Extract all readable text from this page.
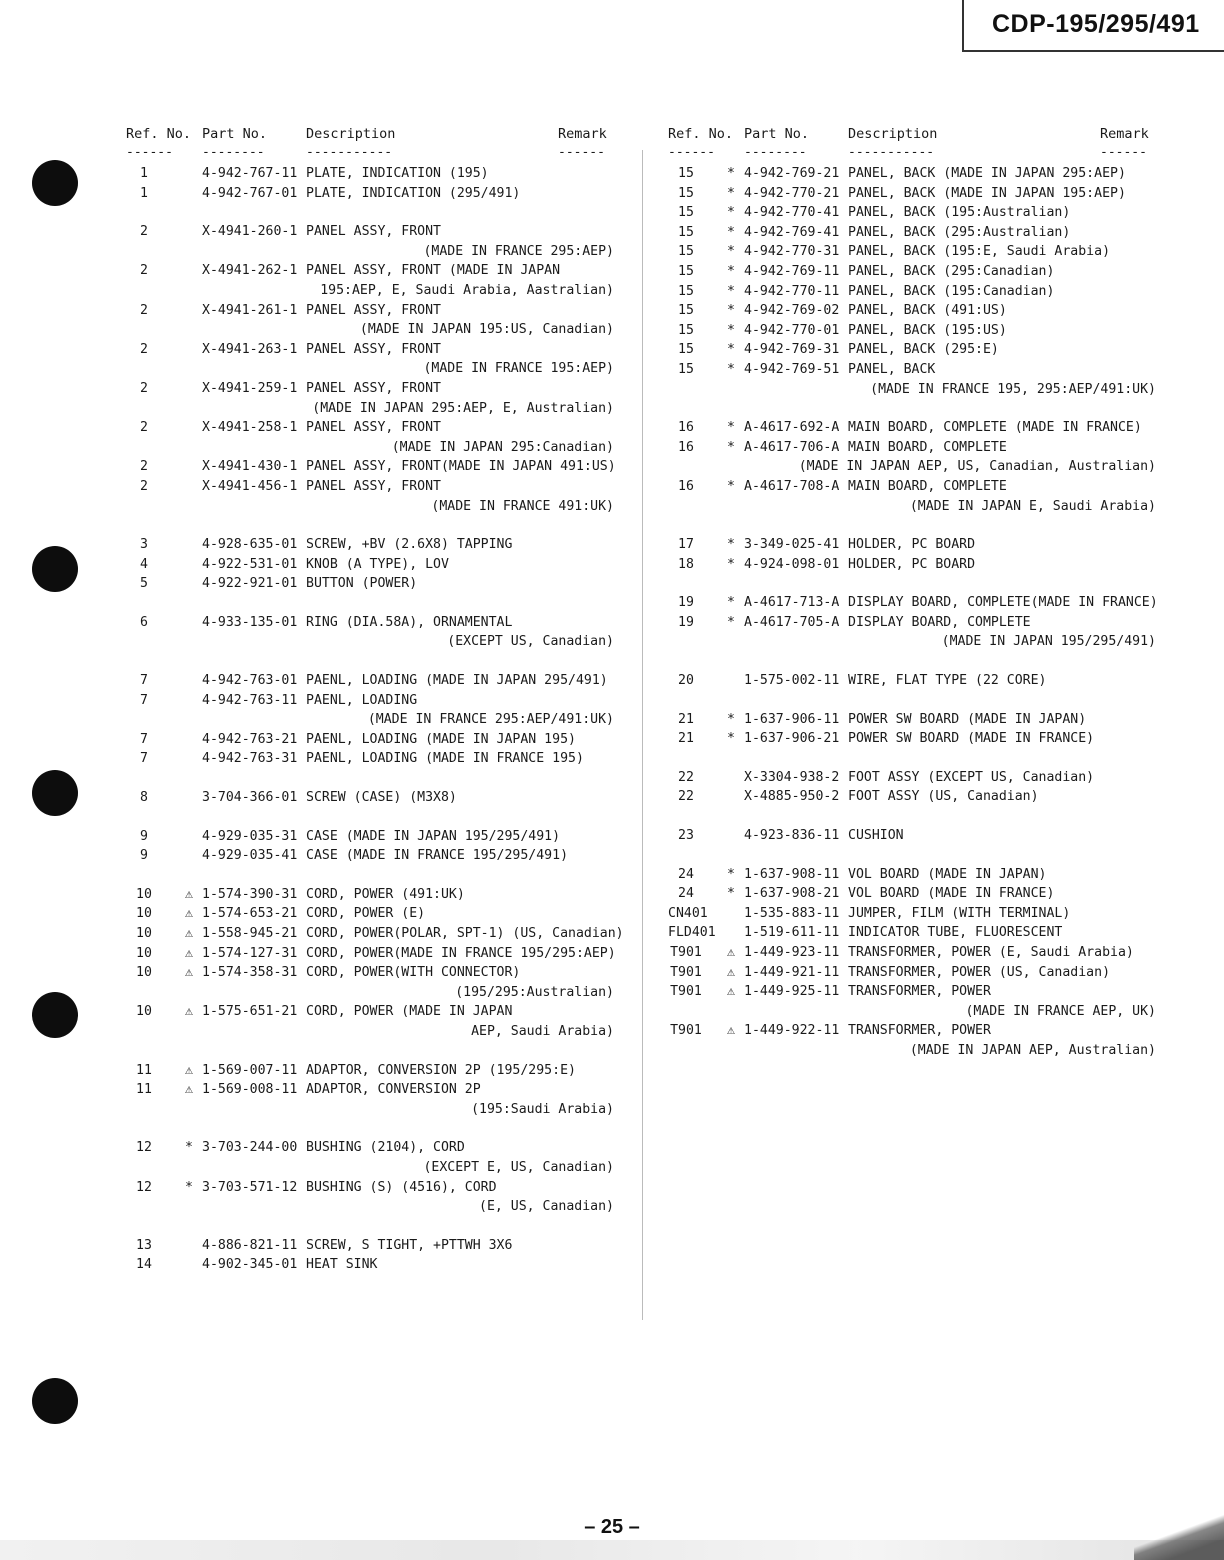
CDP-195/295/491
Ref. No. Part No.	Description	Remark
------ --------	-----------	------
1	4-942-767-11 PLATE, INDICATION (195)
1	4-942-767-01 PLATE, INDICATION (295/491)
2	X-4941-260-1 PANEL ASSY, FRONT
(MADE IN FRANCE 295:AEP)
2	X-4941-262-1 PANEL ASSY, FRONT (MADE IN JAPAN
195:AEP, E, Saudi Arabia, Aastralian)
2	X-4941-261-1 PANEL ASSY, FRONT
(MADE IN JAPAN 195:US, Canadian)
2	X-4941-263-1 PANEL ASSY, FRONT
(MADE IN FRANCE 195:AEP)
2	X-4941-259-1 PANEL ASSY, FRONT
(MADE IN JAPAN 295:AEP, E, Australian)
2	X-4941-258-1 PANEL ASSY, FRONT
(MADE IN JAPAN 295:Canadian)
2	X-4941-430-1 PANEL ASSY, FRONT(MADE IN JAPAN 491:US)
2	X-4941-456-1 PANEL ASSY, FRONT
(MADE IN FRANCE 491:UK)
3	4-928-635-01 SCREW, +BV (2.6X8) TAPPING
4	4-922-531-01 KNOB (A TYPE), LOV
5	4-922-921-01 BUTTON (POWER)
6	4-933-135-01 RING (DIA.58A), ORNAMENTAL
(EXCEPT US, Canadian)
7	4-942-763-01 PAENL, LOADING (MADE IN JAPAN 295/491)
7	4-942-763-11 PAENL, LOADING
(MADE IN FRANCE 295:AEP/491:UK)
7	4-942-763-21 PAENL, LOADING (MADE IN JAPAN 195)
7	4-942-763-31 PAENL, LOADING (MADE IN FRANCE 195)
8	3-704-366-01 SCREW (CASE) (M3X8)
9	4-929-035-31 CASE (MADE IN JAPAN 195/295/491)
9	4-929-035-41 CASE (MADE IN FRANCE 195/295/491)
10	⚠ 1-574-390-31 CORD, POWER (491:UK)
10	⚠ 1-574-653-21 CORD, POWER (E)
10	⚠ 1-558-945-21 CORD, POWER(POLAR, SPT-1) (US, Canadian)
10	⚠ 1-574-127-31 CORD, POWER(MADE IN FRANCE 195/295:AEP)
10	⚠ 1-574-358-31 CORD, POWER(WITH CONNECTOR)
(195/295:Australian)
10	⚠ 1-575-651-21 CORD, POWER (MADE IN JAPAN
AEP, Saudi Arabia)
11	⚠ 1-569-007-11 ADAPTOR, CONVERSION 2P (195/295:E)
11	⚠ 1-569-008-11 ADAPTOR, CONVERSION 2P
(195:Saudi Arabia)
12	* 3-703-244-00 BUSHING (2104), CORD
(EXCEPT E, US, Canadian)
12	* 3-703-571-12 BUSHING (S) (4516), CORD
(E, US, Canadian)
13	4-886-821-11 SCREW, S TIGHT, +PTTWH 3X6
14	4-902-345-01 HEAT SINK
Ref. No. Part No.	Description	Remark
------ --------	-----------	------
15	* 4-942-769-21 PANEL, BACK (MADE IN JAPAN 295:AEP)
15	* 4-942-770-21 PANEL, BACK (MADE IN JAPAN 195:AEP)
15	* 4-942-770-41 PANEL, BACK (195:Australian)
15	* 4-942-769-41 PANEL, BACK (295:Australian)
15	* 4-942-770-31 PANEL, BACK (195:E, Saudi Arabia)
15	* 4-942-769-11 PANEL, BACK (295:Canadian)
15	* 4-942-770-11 PANEL, BACK (195:Canadian)
15	* 4-942-769-02 PANEL, BACK (491:US)
15	* 4-942-770-01 PANEL, BACK (195:US)
15	* 4-942-769-31 PANEL, BACK (295:E)
15	* 4-942-769-51 PANEL, BACK
(MADE IN FRANCE 195, 295:AEP/491:UK)
16	* A-4617-692-A MAIN BOARD, COMPLETE (MADE IN FRANCE)
16	* A-4617-706-A MAIN BOARD, COMPLETE
(MADE IN JAPAN AEP, US, Canadian, Australian)
16	* A-4617-708-A MAIN BOARD, COMPLETE
(MADE IN JAPAN E, Saudi Arabia)
17	* 3-349-025-41 HOLDER, PC BOARD
18	* 4-924-098-01 HOLDER, PC BOARD
19	* A-4617-713-A DISPLAY BOARD, COMPLETE(MADE IN FRANCE)
19	* A-4617-705-A DISPLAY BOARD, COMPLETE
(MADE IN JAPAN 195/295/491)
20	1-575-002-11 WIRE, FLAT TYPE (22 CORE)
21	* 1-637-906-11 POWER SW BOARD (MADE IN JAPAN)
21	* 1-637-906-21 POWER SW BOARD (MADE IN FRANCE)
22	X-3304-938-2 FOOT ASSY (EXCEPT US, Canadian)
22	X-4885-950-2 FOOT ASSY (US, Canadian)
23	4-923-836-11 CUSHION
24	* 1-637-908-11 VOL BOARD (MADE IN JAPAN)
24	* 1-637-908-21 VOL BOARD (MADE IN FRANCE)
CN401	1-535-883-11 JUMPER, FILM (WITH TERMINAL)
FLD401 1-519-611-11 INDICATOR TUBE, FLUORESCENT
T901	⚠ 1-449-923-11 TRANSFORMER, POWER (E, Saudi Arabia)
T901	⚠ 1-449-921-11 TRANSFORMER, POWER (US, Canadian)
T901	⚠ 1-449-925-11 TRANSFORMER, POWER
(MADE IN FRANCE AEP, UK)
T901	⚠ 1-449-922-11 TRANSFORMER, POWER
(MADE IN JAPAN AEP, Australian)
– 25 –
